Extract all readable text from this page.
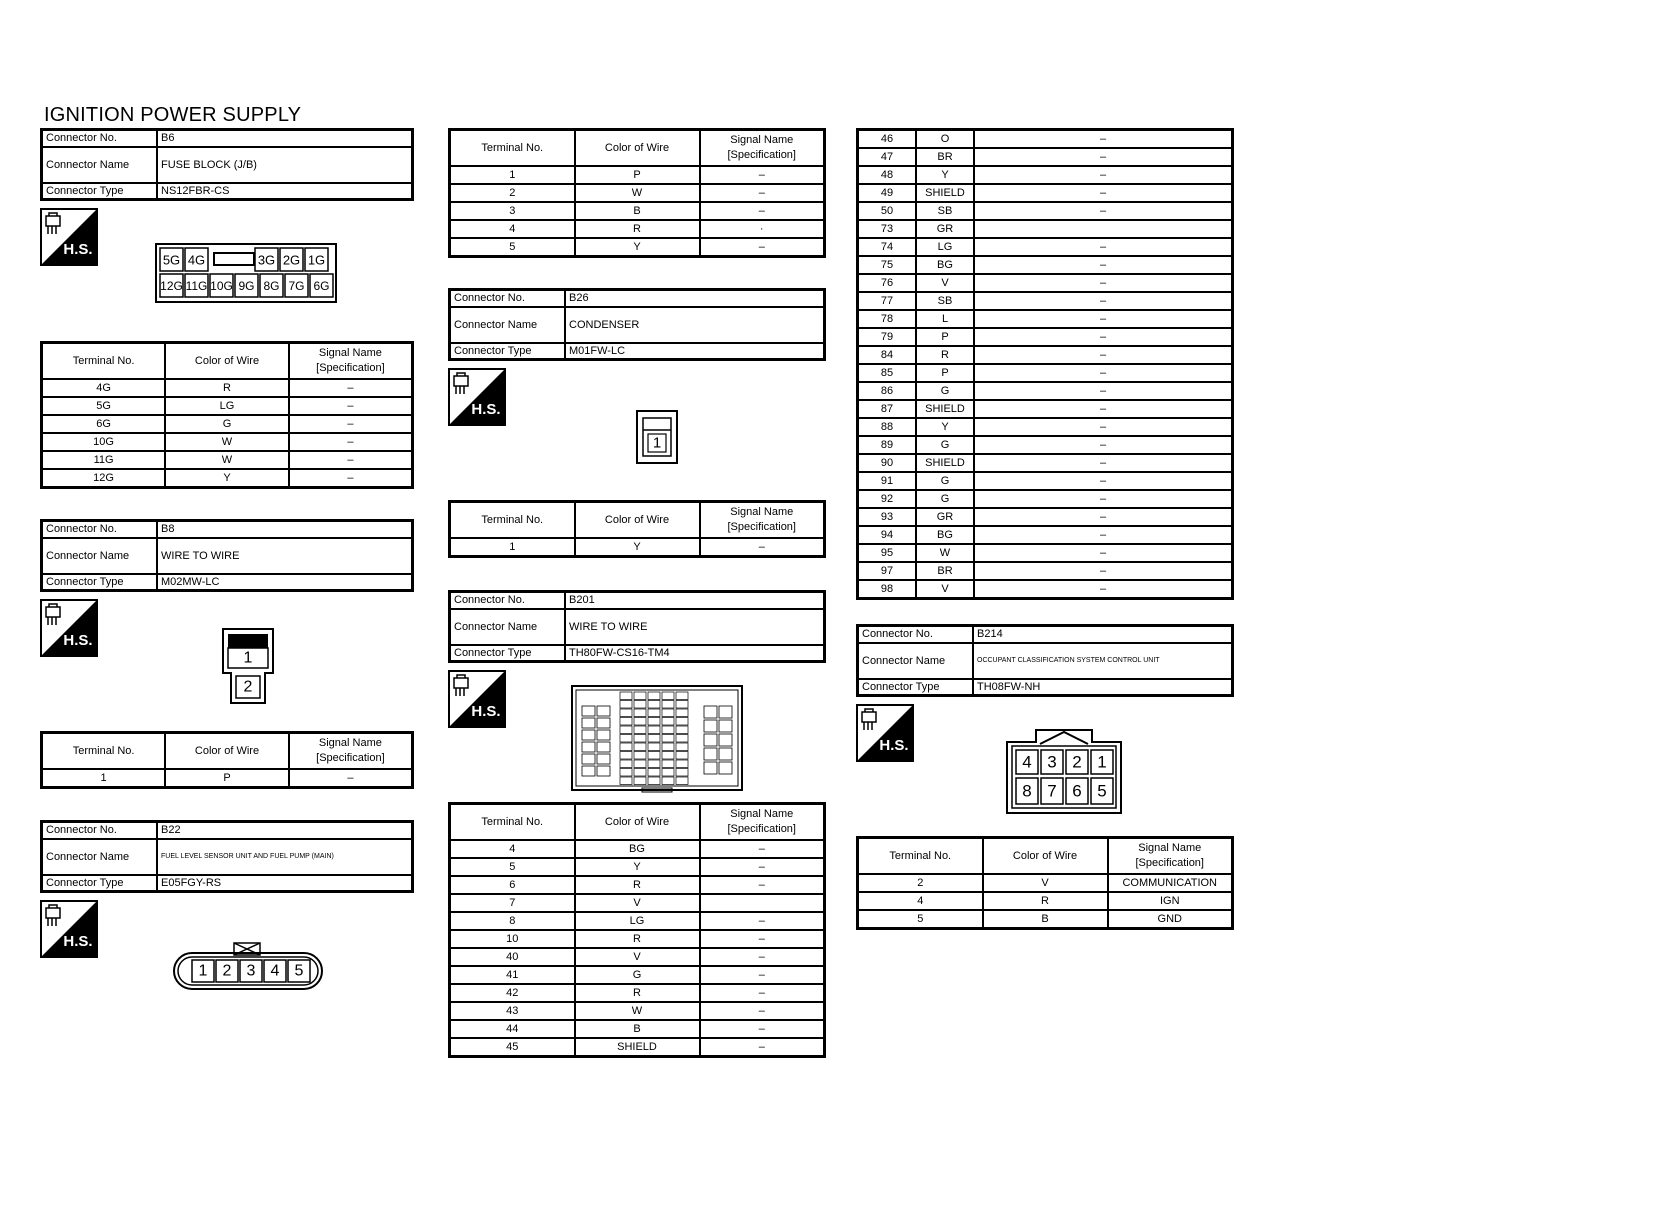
IGNITION POWER SUPPLY
Connector No.	B6
Connector Name	FUSE BLOCK (J/B)
Connector Type	NS12FBR-CS
H.S.
5G 4G	3G 2G 1G
12G 11G 10G 9G 8G 7G 6G
Terminal No.	Color of Wire	Signal Name [Specification]
4G	R	–
5G	LG	–
6G	G	–
10G	W	–
11G	W	–
12G	Y	–
Connector No.	B8
Connector Name	WIRE TO WIRE
Connector Type	M02MW-LC
H.S.
1
2
Terminal No.	Color of Wire	Signal Name [Specification]
1	P	–
Connector No.	B22
Connector Name	FUEL LEVEL SENSOR UNIT AND FUEL PUMP (MAIN)
Connector Type	E05FGY-RS
H.S.
1 2 3 4 5
Terminal No.	Color of Wire	Signal Name [Specification]
1	P	–
2	W	–
3	B	–
4	R	·
5	Y	–
Connector No.	B26
Connector Name	CONDENSER
Connector Type	M01FW-LC
H.S.
1
Terminal No.	Color of Wire	Signal Name [Specification]
1	Y	–
Connector No.	B201
Connector Name	WIRE TO WIRE
Connector Type	TH80FW-CS16-TM4
H.S.
Terminal No.	Color of Wire	Signal Name [Specification]
4	BG	–
5	Y	–
6	R	–
7	V	
8	LG	–
10	R	–
40	V	–
41	G	–
42	R	–
43	W	–
44	B	–
45	SHIELD	–
46	O	–
47	BR	–
48	Y	–
49	SHIELD	–
50	SB	–
73	GR	
74	LG	–
75	BG	–
76	V	–
77	SB	–
78	L	–
79	P	–
84	R	–
85	P	–
86	G	–
87	SHIELD	–
88	Y	–
89	G	–
90	SHIELD	–
91	G	–
92	G	–
93	GR	–
94	BG	–
95	W	–
97	BR	–
98	V	–
Connector No.	B214
Connector Name	OCCUPANT CLASSIFICATION SYSTEM CONTROL UNIT
Connector Type	TH08FW-NH
H.S.
4 3 2 1
8 7 6 5
Terminal No.	Color of Wire	Signal Name [Specification]
2	V	COMMUNICATION
4	R	IGN
5	B	GND
